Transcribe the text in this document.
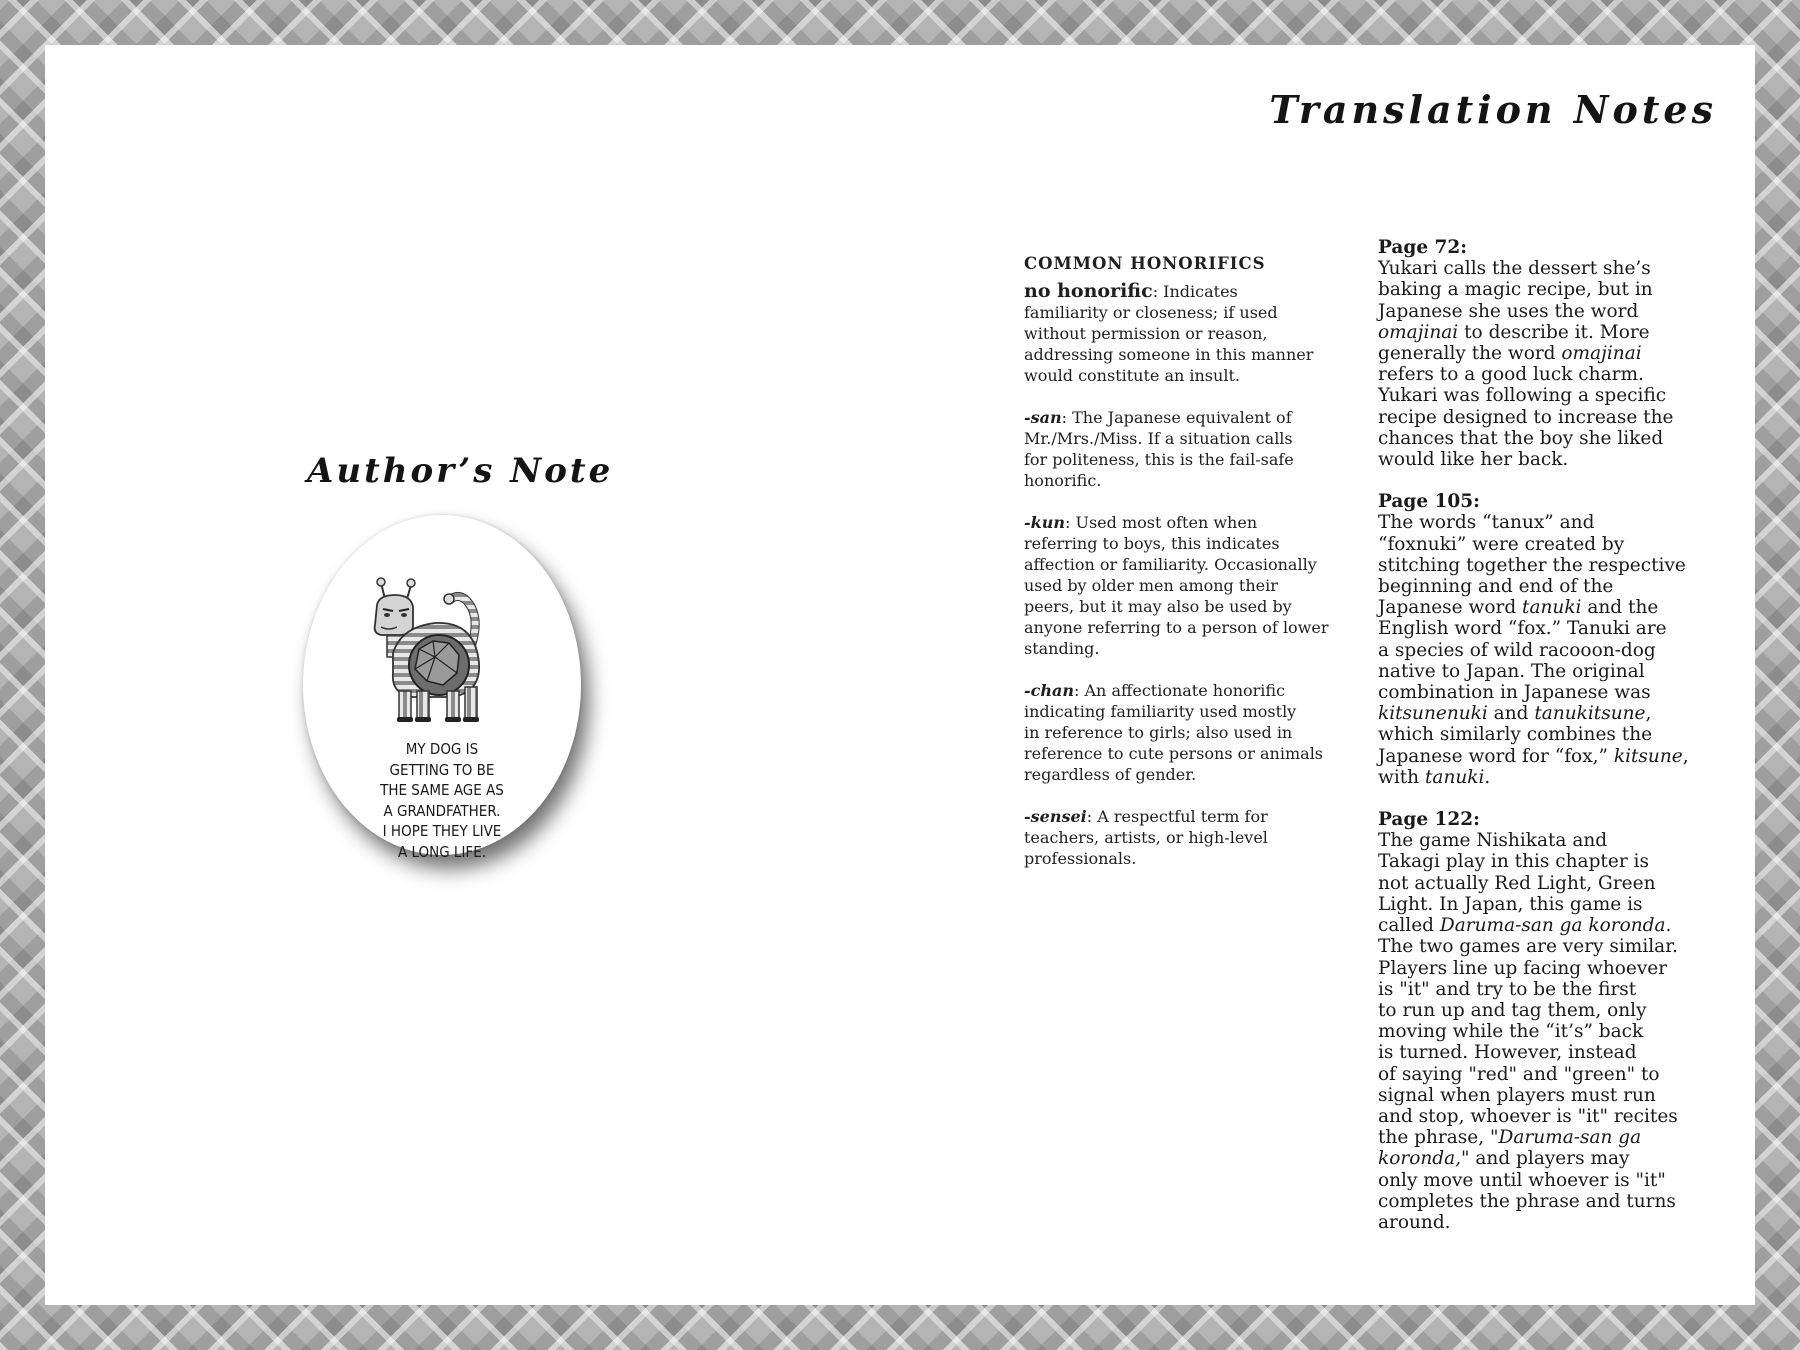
Translation Notes
Author’s Note
MY DOG IS
GETTING TO BE
THE SAME AGE AS
A GRANDFATHER.
I HOPE THEY LIVE
A LONG LIFE.
COMMON HONORIFICS
no honorific: Indicates
familiarity or closeness; if used
without permission or reason,
addressing someone in this manner
would constitute an insult.
-san: The Japanese equivalent of
Mr./Mrs./Miss. If a situation calls
for politeness, this is the fail-safe
honorific.
-kun: Used most often when
referring to boys, this indicates
affection or familiarity. Occasionally
used by older men among their
peers, but it may also be used by
anyone referring to a person of lower
standing.
-chan: An affectionate honorific
indicating familiarity used mostly
in reference to girls; also used in
reference to cute persons or animals
regardless of gender.
-sensei: A respectful term for
teachers, artists, or high-level
professionals.
Page 72:
Yukari calls the dessert she’s
baking a magic recipe, but in
Japanese she uses the word
omajinai to describe it. More
generally the word omajinai
refers to a good luck charm.
Yukari was following a specific
recipe designed to increase the
chances that the boy she liked
would like her back.
Page 105:
The words “tanux” and
“foxnuki” were created by
stitching together the respective
beginning and end of the
Japanese word tanuki and the
English word “fox.” Tanuki are
a species of wild racooon-dog
native to Japan. The original
combination in Japanese was
kitsunenuki and tanukitsune,
which similarly combines the
Japanese word for “fox,” kitsune,
with tanuki.
Page 122:
The game Nishikata and
Takagi play in this chapter is
not actually Red Light, Green
Light. In Japan, this game is
called Daruma-san ga koronda.
The two games are very similar.
Players line up facing whoever
is "it" and try to be the first
to run up and tag them, only
moving while the “it’s” back
is turned. However, instead
of saying "red" and "green" to
signal when players must run
and stop, whoever is "it" recites
the phrase, "Daruma-san ga
koronda," and players may
only move until whoever is "it"
completes the phrase and turns
around.
